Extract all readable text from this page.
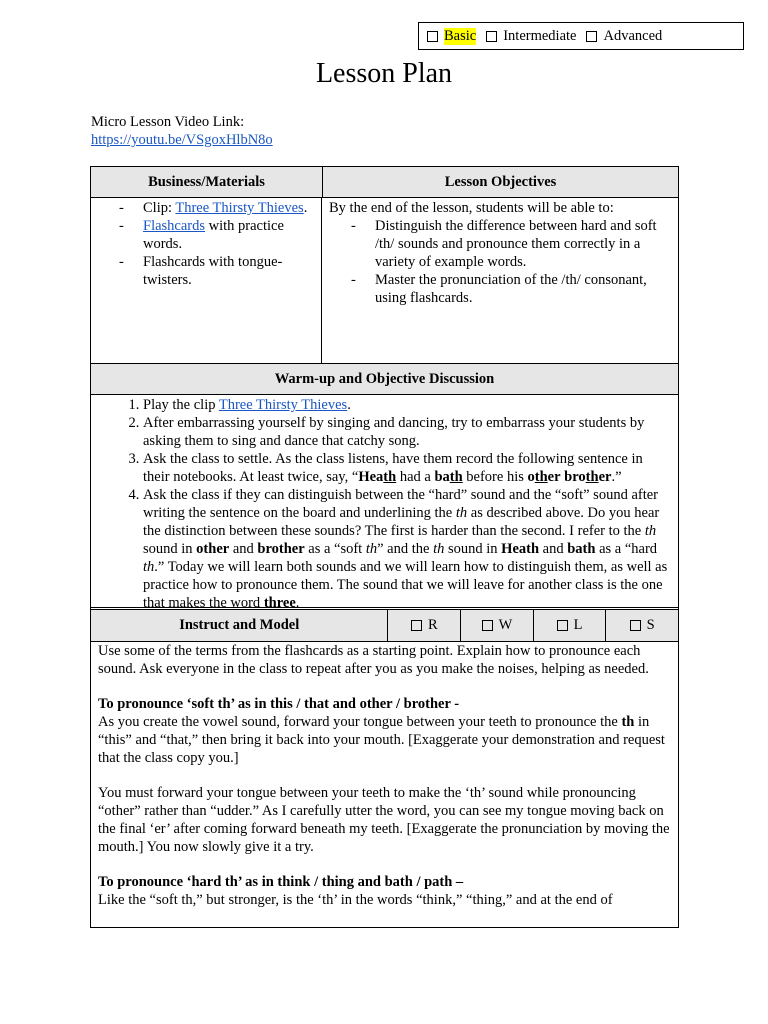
Basic Intermediate Advanced
Lesson Plan
Micro Lesson Video Link:
https://youtu.be/VSgoxHlbN8o
Business/Materials	Lesson Objectives
- Clip: Three Thirsty Thieves.
- Flashcards with practice words.
- Flashcards with tongue-twisters.
By the end of the lesson, students will be able to:
- Distinguish the difference between hard and soft /th/ sounds and pronounce them correctly in a variety of example words.
- Master the pronunciation of the /th/ consonant, using flashcards.
Warm-up and Objective Discussion
1. Play the clip Three Thirsty Thieves.
2. After embarrassing yourself by singing and dancing, try to embarrass your students by asking them to sing and dance that catchy song.
3. Ask the class to settle. As the class listens, have them record the following sentence in their notebooks. At least twice, say, “Heath had a bath before his other brother.”
4. Ask the class if they can distinguish between the “hard” sound and the “soft” sound after writing the sentence on the board and underlining the th as described above. Do you hear the distinction between these sounds? The first is harder than the second. I refer to the th sound in other and brother as a “soft th” and the th sound in Heath and bath as a “hard th.” Today we will learn both sounds and we will learn how to distinguish them, as well as practice how to pronounce them. The sound that we will leave for another class is the one that makes the word three.
Instruct and Model	R	W	L	S

Use some of the terms from the flashcards as a starting point. Explain how to pronounce each sound. Ask everyone in the class to repeat after you as you make the noises, helping as needed.

To pronounce ‘soft th’ as in this / that and other / brother -

As you create the vowel sound, forward your tongue between your teeth to pronounce the th in “this” and “that,” then bring it back into your mouth. [Exaggerate your demonstration and request that the class copy you.]

You must forward your tongue between your teeth to make the ‘th’ sound while pronouncing “other” rather than “udder.” As I carefully utter the word, you can see my tongue moving back on the final ‘er’ after coming forward beneath my teeth. [Exaggerate the pronunciation by moving the mouth.] You now slowly give it a try.

To pronounce ‘hard th’ as in think / thing and bath / path –

Like the “soft th,” but stronger, is the ‘th’ in the words “think,” “thing,” and at the end of
